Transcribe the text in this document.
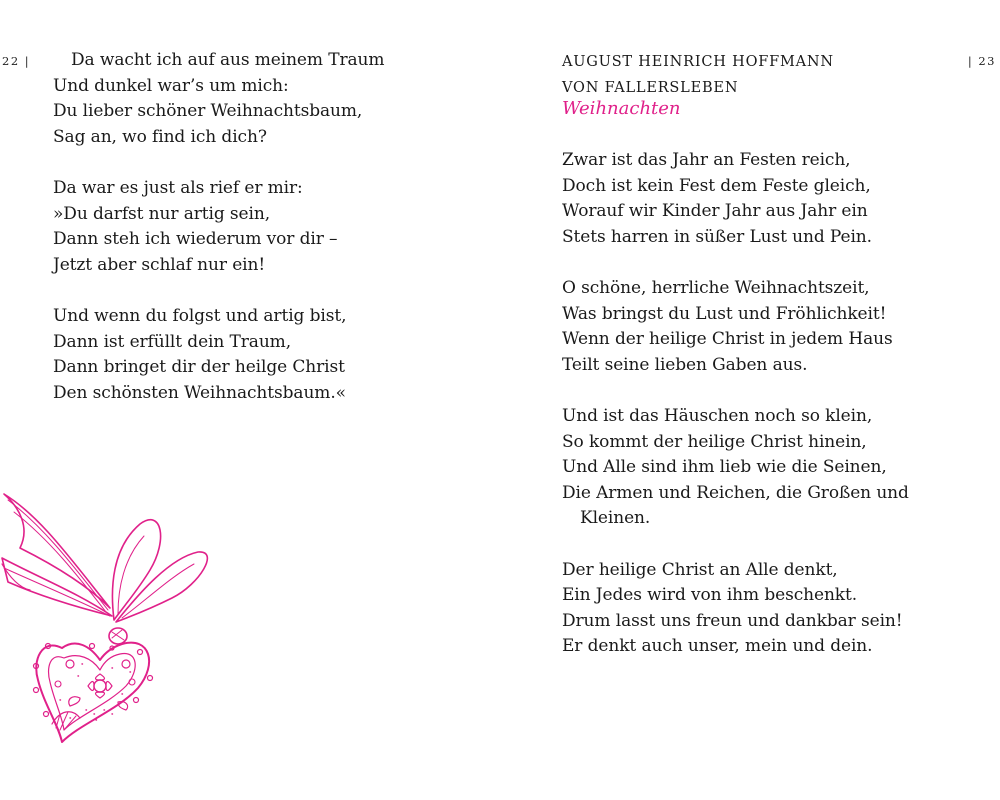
22 |	Da wacht ich auf aus meinem Traum
Und dunkel war’s um mich:
Du lieber schöner Weihnachtsbaum,
Sag an, wo find ich dich?
Da war es just als rief er mir:
»Du darfst nur artig sein,
Dann steh ich wiederum vor dir –
Jetzt aber schlaf nur ein!
Und wenn du folgst und artig bist,
Dann ist erfüllt dein Traum,
Dann bringet dir der heilge Christ
Den schönsten Weihnachtsbaum.«
| 23
AUGUST HEINRICH HOFFMANN
VON FALLERSLEBEN
Weihnachten
Zwar ist das Jahr an Festen reich,
Doch ist kein Fest dem Feste gleich,
Worauf wir Kinder Jahr aus Jahr ein
Stets harren in süßer Lust und Pein.
O schöne, herrliche Weihnachtszeit,
Was bringst du Lust und Fröhlichkeit!
Wenn der heilige Christ in jedem Haus
Teilt seine lieben Gaben aus.
Und ist das Häuschen noch so klein,
So kommt der heilige Christ hinein,
Und Alle sind ihm lieb wie die Seinen,
Die Armen und Reichen, die Großen und
Kleinen.
Der heilige Christ an Alle denkt,
Ein Jedes wird von ihm beschenkt.
Drum lasst uns freun und dankbar sein!
Er denkt auch unser, mein und dein.
